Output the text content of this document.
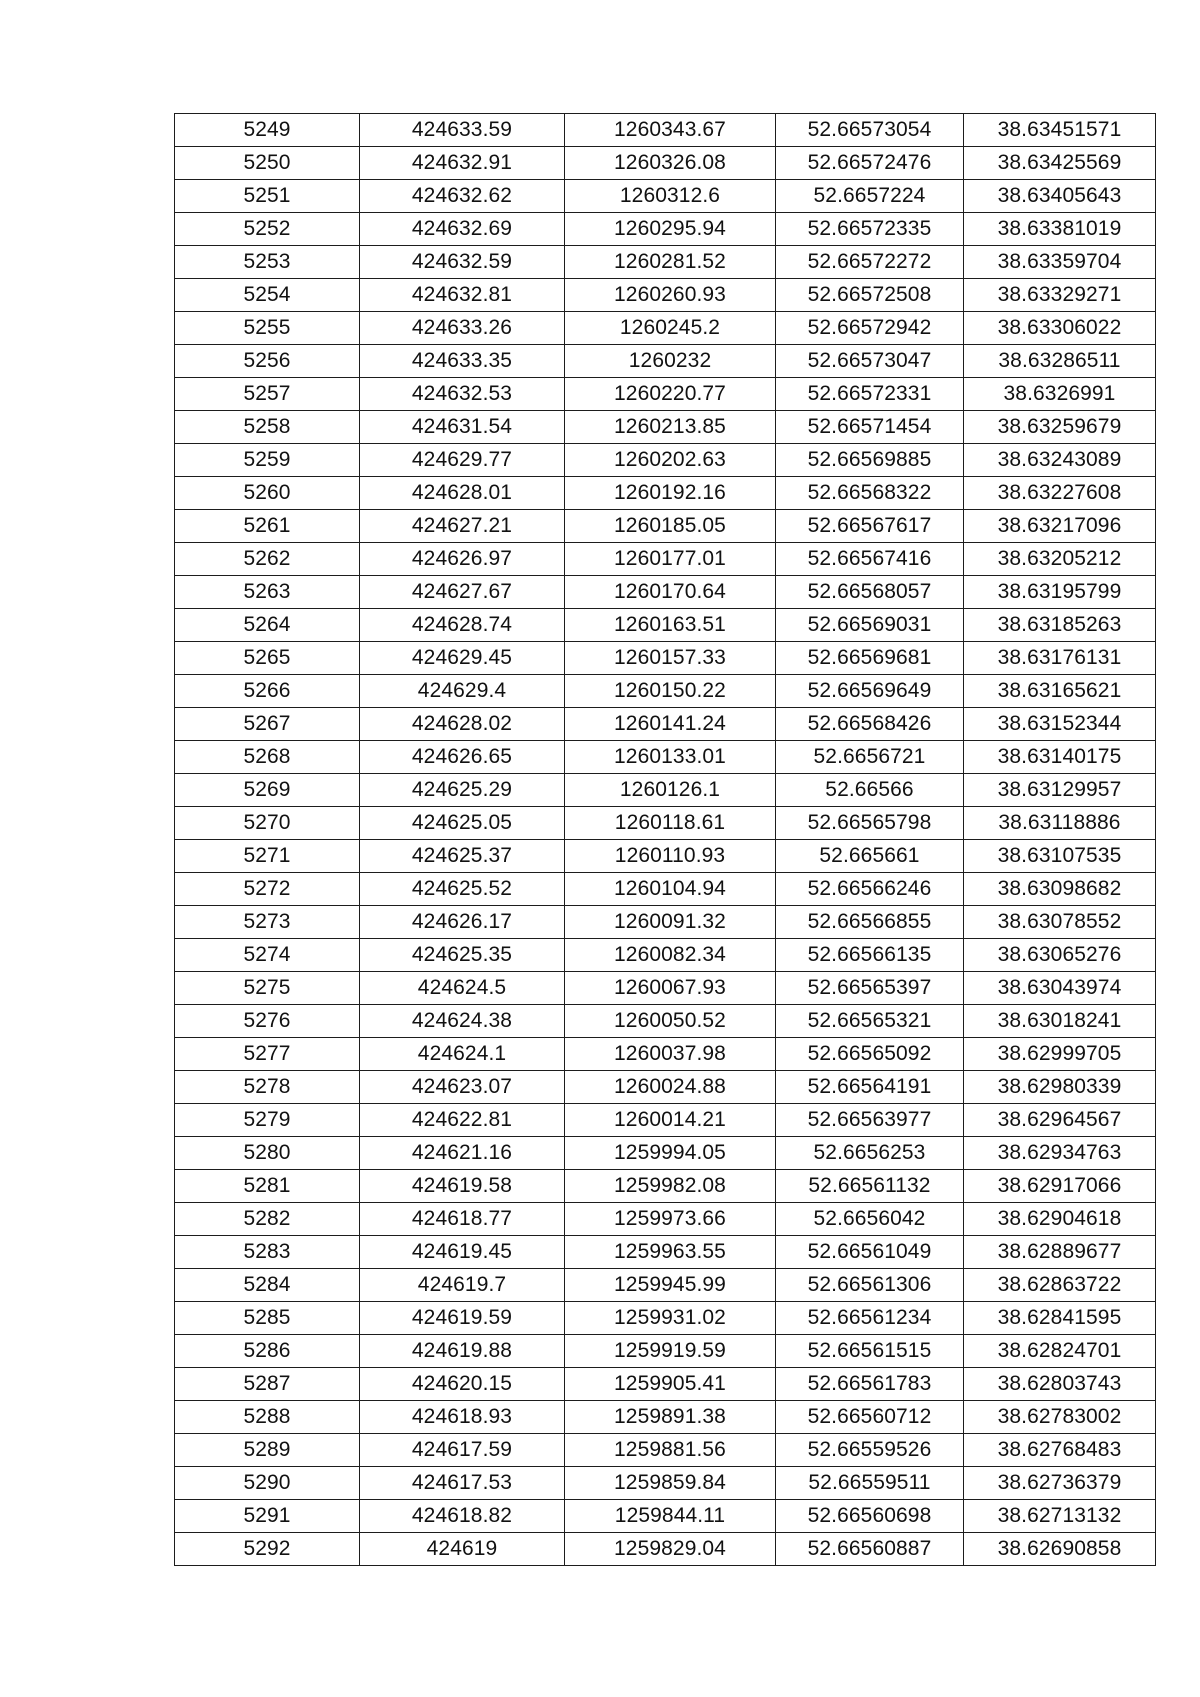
5249	424633.59	1260343.67	52.66573054	38.63451571
5250	424632.91	1260326.08	52.66572476	38.63425569
5251	424632.62	1260312.6	52.6657224	38.63405643
5252	424632.69	1260295.94	52.66572335	38.63381019
5253	424632.59	1260281.52	52.66572272	38.63359704
5254	424632.81	1260260.93	52.66572508	38.63329271
5255	424633.26	1260245.2	52.66572942	38.63306022
5256	424633.35	1260232	52.66573047	38.63286511
5257	424632.53	1260220.77	52.66572331	38.6326991
5258	424631.54	1260213.85	52.66571454	38.63259679
5259	424629.77	1260202.63	52.66569885	38.63243089
5260	424628.01	1260192.16	52.66568322	38.63227608
5261	424627.21	1260185.05	52.66567617	38.63217096
5262	424626.97	1260177.01	52.66567416	38.63205212
5263	424627.67	1260170.64	52.66568057	38.63195799
5264	424628.74	1260163.51	52.66569031	38.63185263
5265	424629.45	1260157.33	52.66569681	38.63176131
5266	424629.4	1260150.22	52.66569649	38.63165621
5267	424628.02	1260141.24	52.66568426	38.63152344
5268	424626.65	1260133.01	52.6656721	38.63140175
5269	424625.29	1260126.1	52.66566	38.63129957
5270	424625.05	1260118.61	52.66565798	38.63118886
5271	424625.37	1260110.93	52.665661	38.63107535
5272	424625.52	1260104.94	52.66566246	38.63098682
5273	424626.17	1260091.32	52.66566855	38.63078552
5274	424625.35	1260082.34	52.66566135	38.63065276
5275	424624.5	1260067.93	52.66565397	38.63043974
5276	424624.38	1260050.52	52.66565321	38.63018241
5277	424624.1	1260037.98	52.66565092	38.62999705
5278	424623.07	1260024.88	52.66564191	38.62980339
5279	424622.81	1260014.21	52.66563977	38.62964567
5280	424621.16	1259994.05	52.6656253	38.62934763
5281	424619.58	1259982.08	52.66561132	38.62917066
5282	424618.77	1259973.66	52.6656042	38.62904618
5283	424619.45	1259963.55	52.66561049	38.62889677
5284	424619.7	1259945.99	52.66561306	38.62863722
5285	424619.59	1259931.02	52.66561234	38.62841595
5286	424619.88	1259919.59	52.66561515	38.62824701
5287	424620.15	1259905.41	52.66561783	38.62803743
5288	424618.93	1259891.38	52.66560712	38.62783002
5289	424617.59	1259881.56	52.66559526	38.62768483
5290	424617.53	1259859.84	52.66559511	38.62736379
5291	424618.82	1259844.11	52.66560698	38.62713132
5292	424619	1259829.04	52.66560887	38.62690858
